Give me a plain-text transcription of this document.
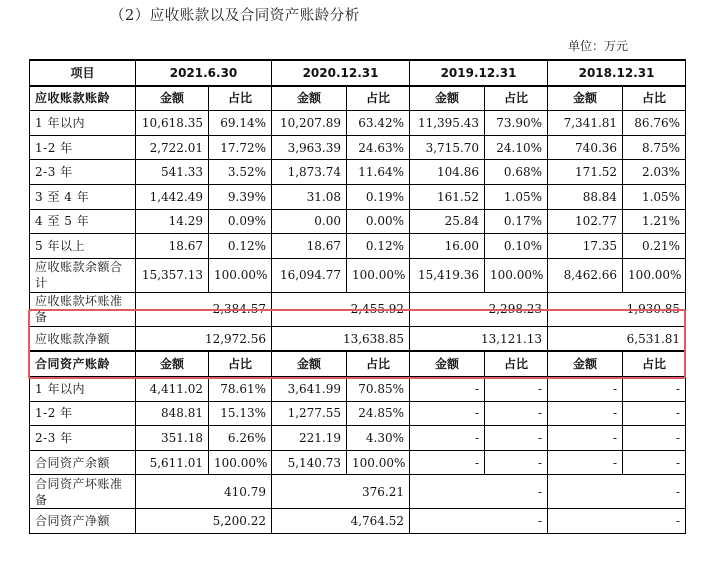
（2）应收账款以及合同资产账龄分析
单位：万元
项目	2021.6.30		2020.12.31		2019.12.31		2018.12.31	
应收账款账龄	金额	占比	金额	占比	金额	占比	金额	占比
1 年以内	10,618.35	69.14%	10,207.89	63.42%	11,395.43	73.90%	7,341.81	86.76%
1-2 年	2,722.01	17.72%	3,963.39	24.63%	3,715.70	24.10%	740.36	8.75%
2-3 年	541.33	3.52%	1,873.74	11.64%	104.86	0.68%	171.52	2.03%
3 至 4 年	1,442.49	9.39%	31.08	0.19%	161.52	1.05%	88.84	1.05%
4 至 5 年	14.29	0.09%	0.00	0.00%	25.84	0.17%	102.77	1.21%
5 年以上	18.67	0.12%	18.67	0.12%	16.00	0.10%	17.35	0.21%
应收账款余额合计	15,357.13	100.00%	16,094.77	100.00%	15,419.36	100.00%	8,462.66	100.00%
应收账款坏账准备	2,384.57		2,455.92		2,298.23		1,930.85	
应收账款净额	12,972.56		13,638.85		13,121.13		6,531.81	
合同资产账龄	金额	占比	金额	占比	金额	占比	金额	占比
1 年以内	4,411.02	78.61%	3,641.99	70.85%	-	-	-	-
1-2 年	848.81	15.13%	1,277.55	24.85%	-	-	-	-
2-3 年	351.18	6.26%	221.19	4.30%	-	-	-	-
合同资产余额	5,611.01	100.00%	5,140.73	100.00%	-	-	-	-
合同资产坏账准备	410.79		376.21		-		-	
合同资产净额	5,200.22		4,764.52		-		-	
